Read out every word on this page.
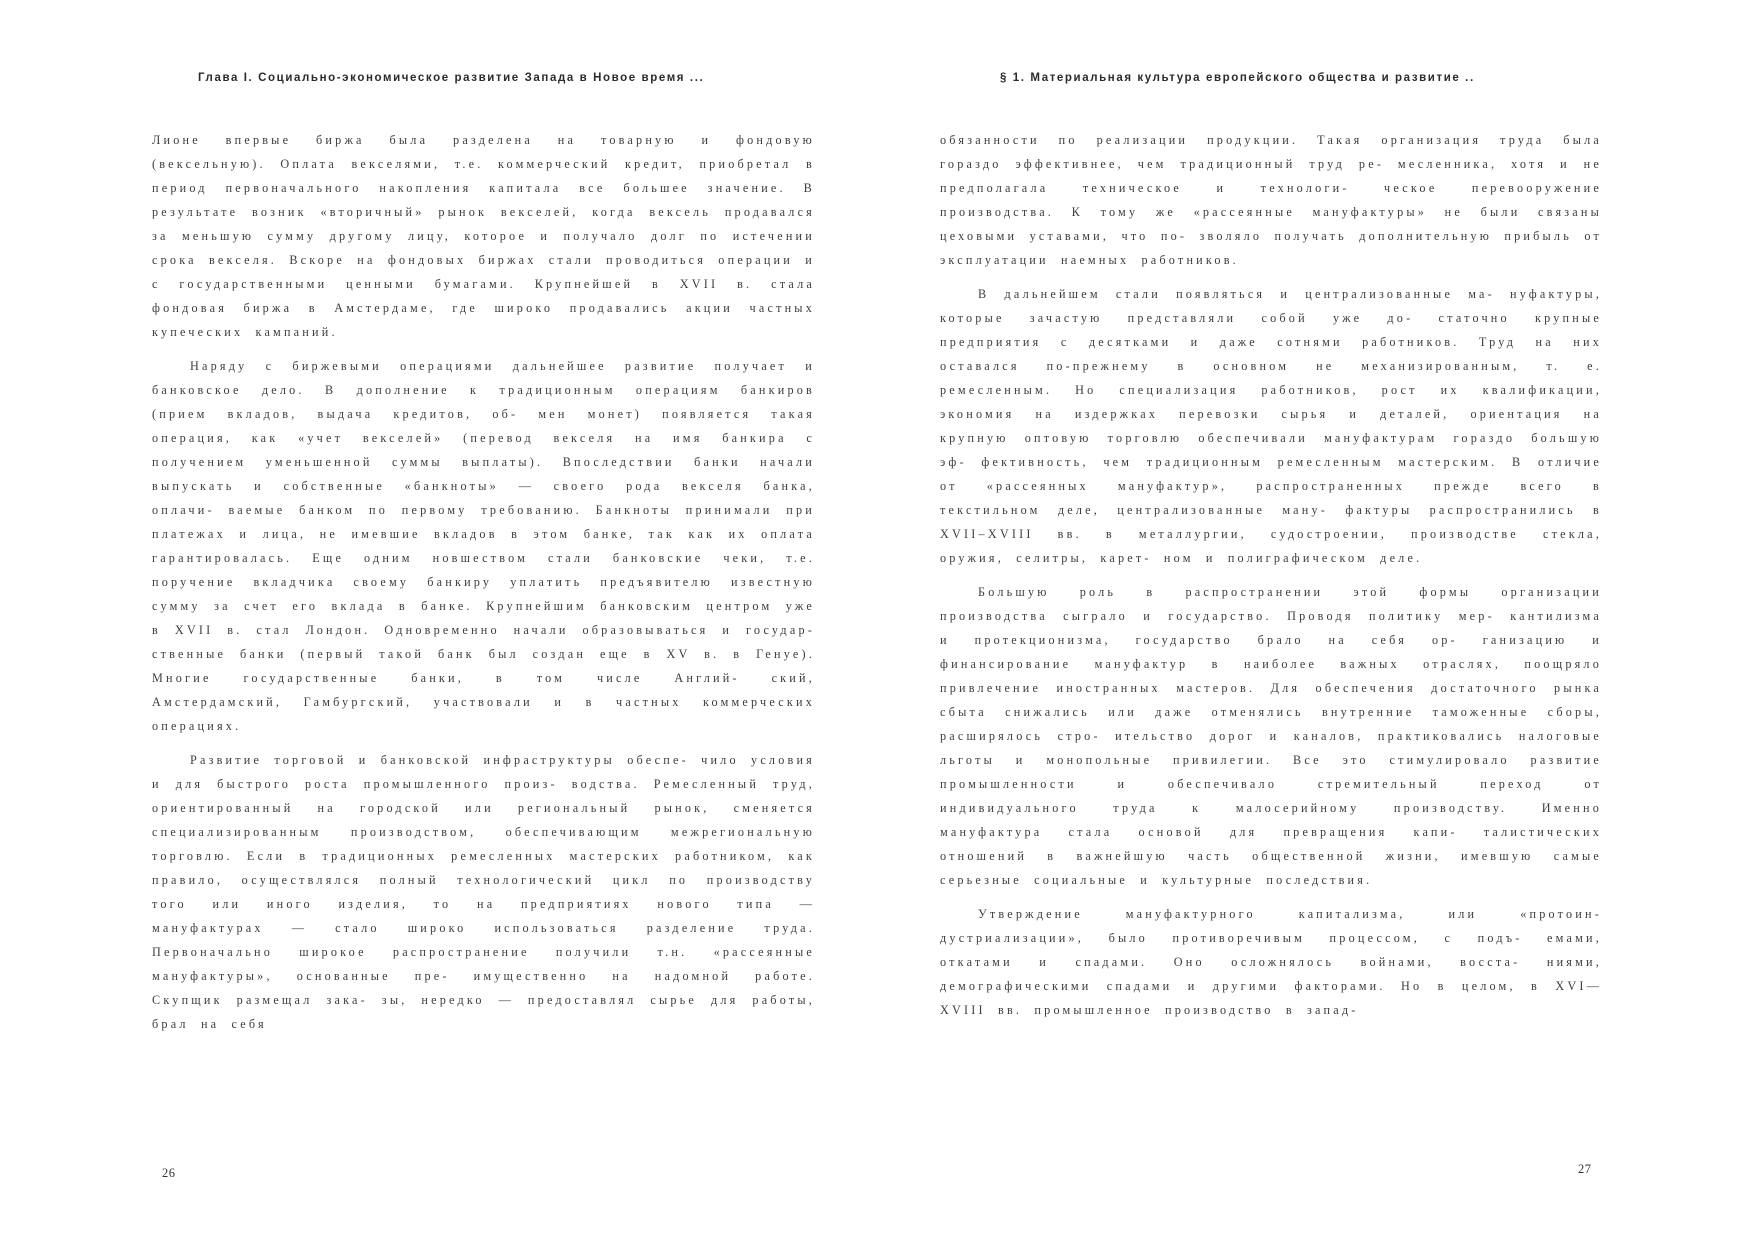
Глава I. Социально-экономическое развитие Запада в Новое время ...	§ 1. Материальная культура европейского общества и развитие ..

Лионе впервые биржа была разделена на товарную и фондовую (вексельную). Оплата векселями, т.е. коммерческий кредит, приобретал в период первоначального накопления капитала все большее значение. В результате возник «вторичный» рынок векселей, когда вексель продавался за меньшую сумму другому лицу, которое и получало долг по истечении срока векселя. Вскоре на фондовых биржах стали проводиться операции и с государственными ценными бумагами. Крупнейшей в XVII в. стала фондовая биржа в Амстердаме, где широко продавались акции частных купеческих кампаний.

Наряду с биржевыми операциями дальнейшее развитие получает и банковское дело. В дополнение к традиционным операциям банкиров (прием вкладов, выдача кредитов, об- мен монет) появляется такая операция, как «учет векселей» (перевод векселя на имя банкира с получением уменьшенной суммы выплаты). Впоследствии банки начали выпускать и собственные «банкноты» — своего рода векселя банка, оплачи- ваемые банком по первому требованию. Банкноты принимали при платежах и лица, не имевшие вкладов в этом банке, так как их оплата гарантировалась. Еще одним новшеством стали банковские чеки, т.е. поручение вкладчика своему банкиру уплатить предъявителю известную сумму за счет его вклада в банке. Крупнейшим банковским центром уже в XVII в. стал Лондон. Одновременно начали образовываться и государ- ственные банки (первый такой банк был создан еще в XV в. в Генуе). Многие государственные банки, в том числе Англий- ский, Амстердамский, Гамбургский, участвовали и в частных коммерческих операциях.

Развитие торговой и банковской инфраструктуры обеспе- чило условия и для быстрого роста промышленного произ- водства. Ремесленный труд, ориентированный на городской или региональный рынок, сменяется специализированным производством, обеспечивающим межрегиональную торговлю. Если в традиционных ремесленных мастерских работником, как правило, осуществлялся полный технологический цикл по производству того или иного изделия, то на предприятиях нового типа — мануфактурах — стало широко использоваться разделение труда. Первоначально широкое распространение получили т.н. «рассеянные мануфактуры», основанные пре- имущественно на надомной работе. Скупщик размещал зака- зы, нередко — предоставлял сырье для работы, брал на себя

обязанности по реализации продукции. Такая организация труда была гораздо эффективнее, чем традиционный труд ре- месленника, хотя и не предполагала техническое и технологи- ческое перевооружение производства. К тому же «рассеянные мануфактуры» не были связаны цеховыми уставами, что по- зволяло получать дополнительную прибыль от эксплуатации наемных работников.

В дальнейшем стали появляться и централизованные ма- нуфактуры, которые зачастую представляли собой уже до- статочно крупные предприятия с десятками и даже сотнями работников. Труд на них оставался по-прежнему в основном не механизированным, т. е. ремесленным. Но специализация работников, рост их квалификации, экономия на издержках перевозки сырья и деталей, ориентация на крупную оптовую торговлю обеспечивали мануфактурам гораздо большую эф- фективность, чем традиционным ремесленным мастерским. В отличие от «рассеянных мануфактур», распространенных прежде всего в текстильном деле, централизованные ману- фактуры распространились в XVII–XVIII вв. в металлургии, судостроении, производстве стекла, оружия, селитры, карет- ном и полиграфическом деле.

Большую роль в распространении этой формы организации производства сыграло и государство. Проводя политику мер- кантилизма и протекционизма, государство брало на себя ор- ганизацию и финансирование мануфактур в наиболее важных отраслях, поощряло привлечение иностранных мастеров. Для обеспечения достаточного рынка сбыта снижались или даже отменялись внутренние таможенные сборы, расширялось стро- ительство дорог и каналов, практиковались налоговые льготы и монопольные привилегии. Все это стимулировало развитие промышленности и обеспечивало стремительный переход от индивидуального труда к малосерийному производству. Именно мануфактура стала основой для превращения капи- талистических отношений в важнейшую часть общественной жизни, имевшую самые серьезные социальные и культурные последствия.

Утверждение мануфактурного капитализма, или «протоин- дустриализации», было противоречивым процессом, с подъ- емами, откатами и спадами. Оно осложнялось войнами, восста- ниями, демографическими спадами и другими факторами. Но в целом, в XVI—XVIII вв. промышленное производство в запад-

26	27
